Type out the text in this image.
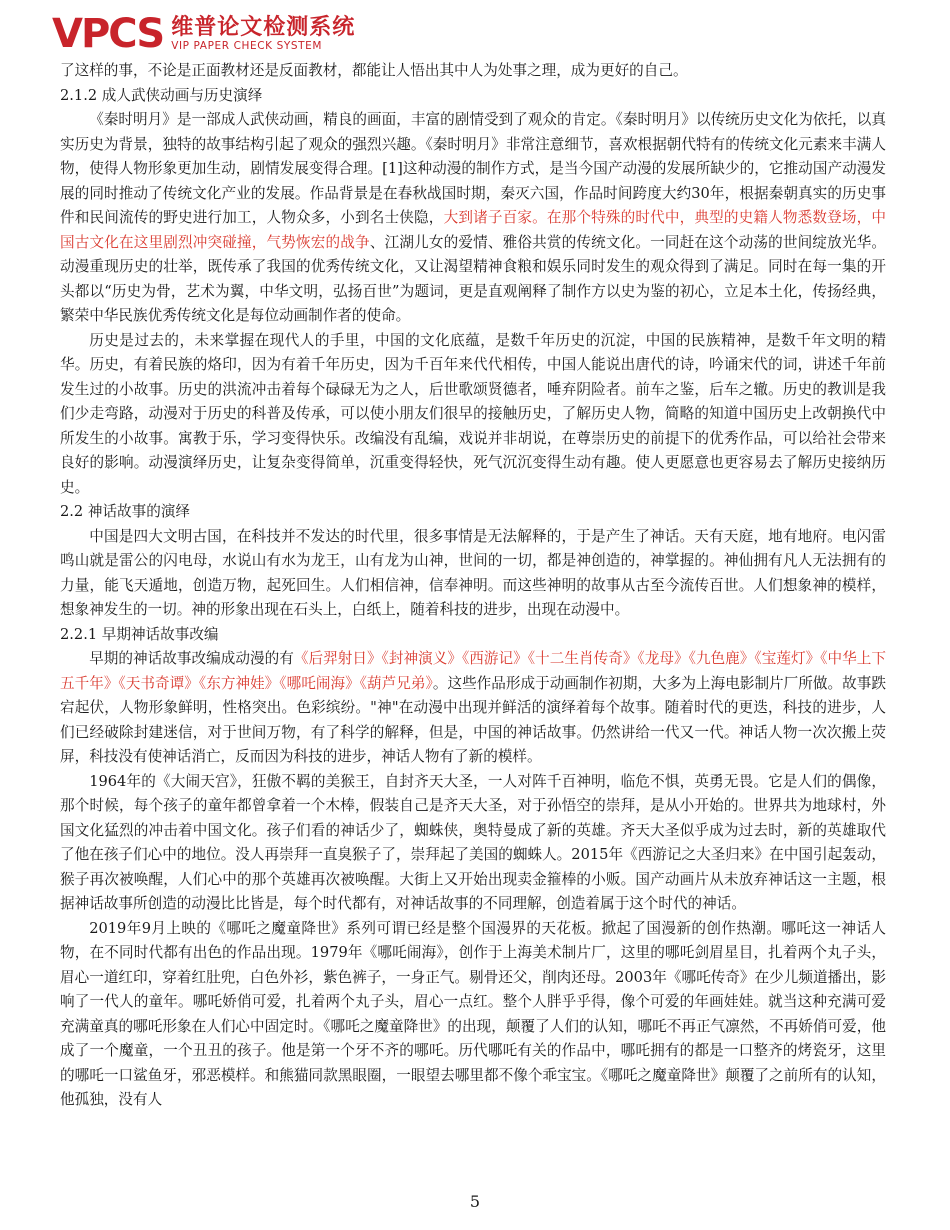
VPCS 维普论文检测系统
VIP PAPER CHECK SYSTEM

了这样的事，不论是正面教材还是反面教材，都能让人悟出其中人为处事之理，成为更好的自己。

2.1.2 成人武侠动画与历史演绎

《秦时明月》是一部成人武侠动画，精良的画面，丰富的剧情受到了观众的肯定。《秦时明月》以传统历史文化为依托，以真实历史为背景，独特的故事结构引起了观众的强烈兴趣。《秦时明月》非常注意细节，喜欢根据朝代特有的传统文化元素来丰满人物，使得人物形象更加生动，剧情发展变得合理。[1]这种动漫的制作方式，是当今国产动漫的发展所缺少的，它推动国产动漫发展的同时推动了传统文化产业的发展。作品背景是在春秋战国时期，秦灭六国，作品时间跨度大约30年，根据秦朝真实的历史事件和民间流传的野史进行加工，人物众多，小到名士侠隐，大到诸子百家。在那个特殊的时代中，典型的史籍人物悉数登场，中国古文化在这里剧烈冲突碰撞，气势恢宏的战争、江湖儿女的爱情、雅俗共赏的传统文化。一同赶在这个动荡的世间绽放光华。动漫重现历史的壮举，既传承了我国的优秀传统文化，又让渴望精神食粮和娱乐同时发生的观众得到了满足。同时在每一集的开头都以“历史为骨，艺术为翼，中华文明，弘扬百世”为题词，更是直观阐释了制作方以史为鉴的初心，立足本土化，传扬经典，繁荣中华民族优秀传统文化是每位动画制作者的使命。

历史是过去的，未来掌握在现代人的手里，中国的文化底蕴，是数千年历史的沉淀，中国的民族精神，是数千年文明的精华。历史，有着民族的烙印，因为有着千年历史，因为千百年来代代相传，中国人能说出唐代的诗，吟诵宋代的词，讲述千年前发生过的小故事。历史的洪流冲击着每个碌碌无为之人，后世歌颂贤德者，唾弃阴险者。前车之鉴，后车之辙。历史的教训是我们少走弯路，动漫对于历史的科普及传承，可以使小朋友们很早的接触历史，了解历史人物，简略的知道中国历史上改朝换代中所发生的小故事。寓教于乐，学习变得快乐。改编没有乱编，戏说并非胡说，在尊崇历史的前提下的优秀作品，可以给社会带来良好的影响。动漫演绎历史，让复杂变得简单，沉重变得轻快，死气沉沉变得生动有趣。使人更愿意也更容易去了解历史接纳历史。

2.2 神话故事的演绎

中国是四大文明古国，在科技并不发达的时代里，很多事情是无法解释的，于是产生了神话。天有天庭，地有地府。电闪雷鸣山就是雷公的闪电母，水说山有水为龙王，山有龙为山神，世间的一切，都是神创造的，神掌握的。神仙拥有凡人无法拥有的力量，能飞天遁地，创造万物，起死回生。人们相信神，信奉神明。而这些神明的故事从古至今流传百世。人们想象神的模样，想象神发生的一切。神的形象出现在石头上，白纸上，随着科技的进步，出现在动漫中。

2.2.1 早期神话故事改编

早期的神话故事改编成动漫的有《后羿射日》《封神演义》《西游记》《十二生肖传奇》《龙母》《九色鹿》《宝莲灯》《中华上下五千年》《天书奇谭》《东方神娃》《哪吒闹海》《葫芦兄弟》。这些作品形成于动画制作初期，大多为上海电影制片厂所做。故事跌宕起伏，人物形象鲜明，性格突出。色彩缤纷。"神"在动漫中出现并鲜活的演绎着每个故事。随着时代的更迭，科技的进步，人们已经破除封建迷信，对于世间万物，有了科学的解释，但是，中国的神话故事。仍然讲给一代又一代。神话人物一次次搬上荧屏，科技没有使神话消亡，反而因为科技的进步，神话人物有了新的模样。

1964年的《大闹天宫》，狂傲不羁的美猴王，自封齐天大圣，一人对阵千百神明，临危不惧，英勇无畏。它是人们的偶像，那个时候，每个孩子的童年都曾拿着一个木棒，假装自己是齐天大圣，对于孙悟空的崇拜，是从小开始的。世界共为地球村，外国文化猛烈的冲击着中国文化。孩子们看的神话少了，蜘蛛侠，奥特曼成了新的英雄。齐天大圣似乎成为过去时，新的英雄取代了他在孩子们心中的地位。没人再崇拜一直臭猴子了，崇拜起了美国的蜘蛛人。2015年《西游记之大圣归来》在中国引起轰动，猴子再次被唤醒，人们心中的那个英雄再次被唤醒。大街上又开始出现卖金箍棒的小贩。国产动画片从未放弃神话这一主题，根据神话故事所创造的动漫比比皆是，每个时代都有，对神话故事的不同理解，创造着属于这个时代的神话。

2019年9月上映的《哪吒之魔童降世》系列可谓已经是整个国漫界的天花板。掀起了国漫新的创作热潮。哪吒这一神话人物，在不同时代都有出色的作品出现。1979年《哪吒闹海》，创作于上海美术制片厂，这里的哪吒剑眉星目，扎着两个丸子头，眉心一道红印，穿着红肚兜，白色外衫，紫色裤子，一身正气。剔骨还父，削肉还母。2003年《哪吒传奇》在少儿频道播出，影响了一代人的童年。哪吒娇俏可爱，扎着两个丸子头，眉心一点红。整个人胖乎乎得，像个可爱的年画娃娃。就当这种充满可爱充满童真的哪吒形象在人们心中固定时。《哪吒之魔童降世》的出现，颠覆了人们的认知，哪吒不再正气凛然，不再娇俏可爱，他成了一个魔童，一个丑丑的孩子。他是第一个牙不齐的哪吒。历代哪吒有关的作品中，哪吒拥有的都是一口整齐的烤瓷牙，这里的哪吒一口鲨鱼牙，邪恶模样。和熊猫同款黑眼圈，一眼望去哪里都不像个乖宝宝。《哪吒之魔童降世》颠覆了之前所有的认知，他孤独，没有人

5
